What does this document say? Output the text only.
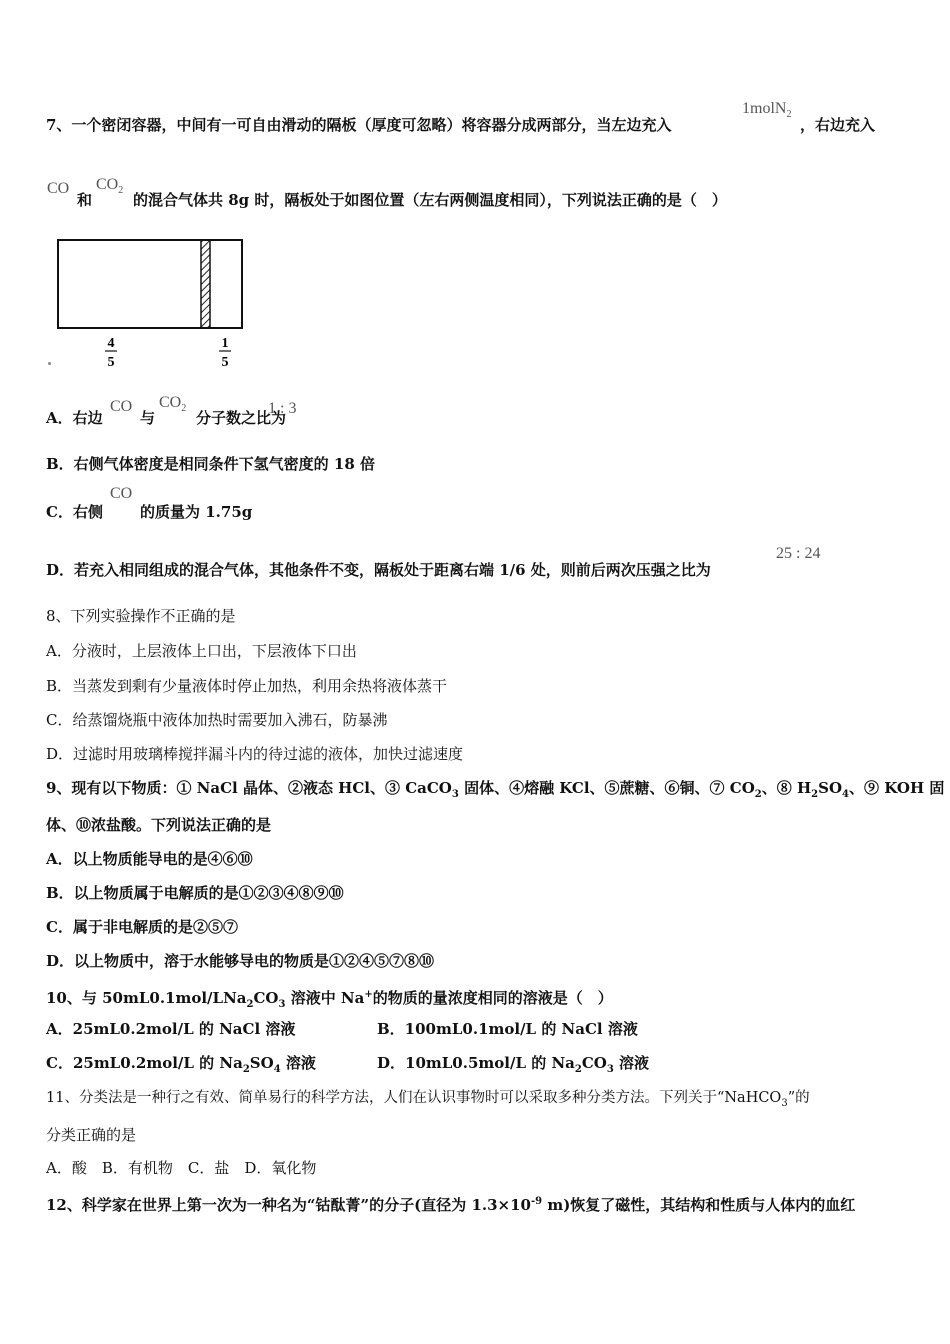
7、一个密闭容器，中间有一可自由滑动的隔板（厚度可忽略）将容器分成两部分，当左边充入
1molN$_2$
，右边充入
CO
和
$CO_2$
的混合气体共 8g 时，隔板处于如图位置（左右两侧温度相同），下列说法正确的是（　）
4
5
1
5
A．右边
CO
与
$CO_2$
分子数之比为
1 : 3
B．右侧气体密度是相同条件下氢气密度的 18 倍
C．右侧
CO
的质量为 1.75g
D．若充入相同组成的混合气体，其他条件不变，隔板处于距离右端 1/6 处，则前后两次压强之比为
25 : 24
8、下列实验操作不正确的是
A．分液时，上层液体上口出，下层液体下口出
B．当蒸发到剩有少量液体时停止加热，利用余热将液体蒸干
C．给蒸馏烧瓶中液体加热时需要加入沸石，防暴沸
D．过滤时用玻璃棒搅拌漏斗内的待过滤的液体，加快过滤速度
9、现有以下物质：① NaCl 晶体、②液态 HCl、③ CaCO$_3$ 固体、④熔融 KCl、⑤蔗糖、⑥铜、⑦ $CO_2$、⑧ $H_2SO_4$、⑨ KOH 固
体、⑩浓盐酸。下列说法正确的是
A．以上物质能导电的是④⑥⑩
B．以上物质属于电解质的是①②③④⑧⑨⑩
C．属于非电解质的是②⑤⑦
D．以上物质中，溶于水能够导电的物质是①②④⑤⑦⑧⑩
10、与 $50mL0.1mol/LNa_2CO_3$ 溶液中 Na+的物质的量浓度相同的溶液是（　）
A．25mL0.2mol/L 的 NaCl 溶液	B．100mL0.1mol/L 的 NaCl 溶液
C．25mL0.2mol/L 的 $Na_2SO_4$ 溶液	D．10mL0.5mol/L 的 $Na_2CO_3$ 溶液
11、分类法是一种行之有效、简单易行的科学方法，人们在认识事物时可以采取多种分类方法。下列关于“NaHCO$_3$”的
分类正确的是
A．酸　B．有机物　C．盐　D．氧化物
12、科学家在世界上第一次为一种名为“钴酞菁”的分子(直径为 $1.3\times 10^{-9}$ m)恢复了磁性，其结构和性质与人体内的血红
